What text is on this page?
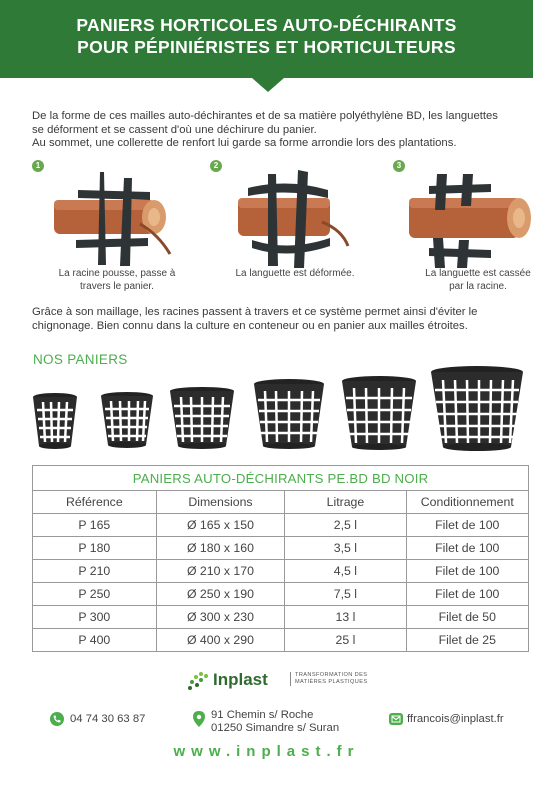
PANIERS HORTICOLES AUTO-DÉCHIRANTS
POUR PÉPINIÉRISTES ET HORTICULTEURS
De la forme de ces mailles auto-déchirantes et de sa matière polyéthylène BD, les languettes
se déforment et se cassent d'où une déchirure du panier.
Au sommet, une collerette de renfort lui garde sa forme arrondie lors des plantations.
1
La racine pousse, passe à
travers le panier.
2
La languette est déformée.
3
La languette est cassée
par la racine.
Grâce à son maillage, les racines passent à travers et ce système permet ainsi d'éviter le
chignonage. Bien connu dans la culture en conteneur ou en panier aux mailles étroites.
NOS PANIERS
PANIERS AUTO-DÉCHIRANTS PE.BD BD NOIR			
Référence	Dimensions	Litrage	Conditionnement
P 165	Ø 165 x 150	2,5 l	Filet de 100
P 180	Ø 180 x 160	3,5 l	Filet de 100
P 210	Ø 210 x 170	4,5 l	Filet de 100
P 250	Ø 250 x 190	7,5 l	Filet de 100
P 300	Ø 300 x 230	13 l	Filet de 50
P 400	Ø 400 x 290	25 l	Filet de 25
Inplast	TRANSFORMATION DES
MATIÈRES PLASTIQUES
04 74 30 63 87	91 Chemin s/ Roche
01250 Simandre s/ Suran
ffrancois@inplast.fr
www.inplast.fr
